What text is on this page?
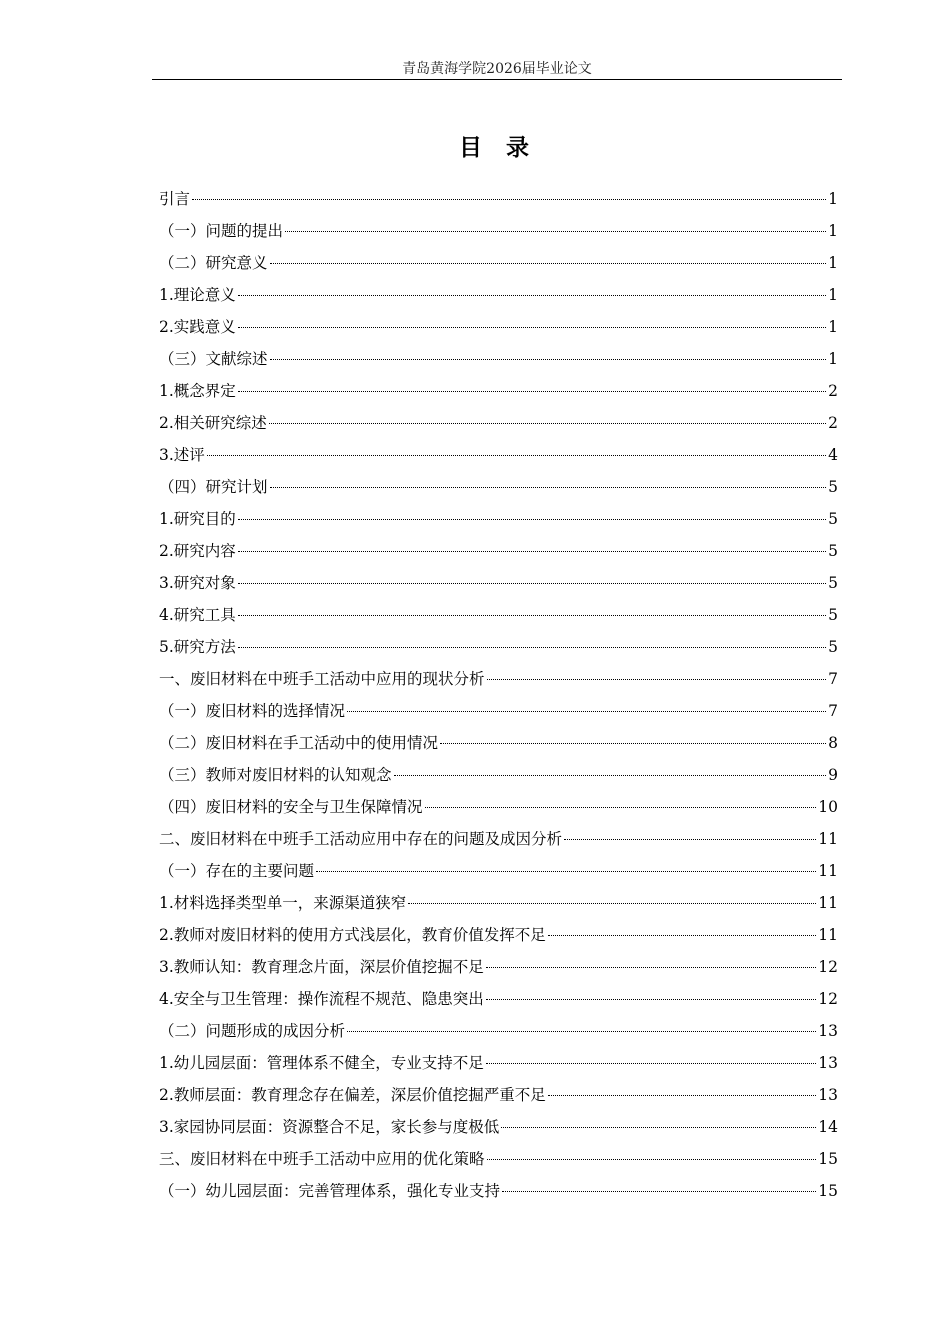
青岛黄海学院2026届毕业论文
目 录
引言	1
（一）问题的提出	1
（二）研究意义	1
1.理论意义	1
2.实践意义	1
（三）文献综述	1
1.概念界定	2
2.相关研究综述	2
3.述评	4
（四）研究计划	5
1.研究目的	5
2.研究内容	5
3.研究对象	5
4.研究工具	5
5.研究方法	5
一、废旧材料在中班手工活动中应用的现状分析	7
（一）废旧材料的选择情况	7
（二）废旧材料在手工活动中的使用情况	8
（三）教师对废旧材料的认知观念	9
（四）废旧材料的安全与卫生保障情况	10
二、废旧材料在中班手工活动应用中存在的问题及成因分析	11
（一）存在的主要问题	11
1.材料选择类型单一，来源渠道狭窄	11
2.教师对废旧材料的使用方式浅层化，教育价值发挥不足	11
3.教师认知：教育理念片面，深层价值挖掘不足	12
4.安全与卫生管理：操作流程不规范、隐患突出	12
（二）问题形成的成因分析	13
1.幼儿园层面：管理体系不健全，专业支持不足	13
2.教师层面：教育理念存在偏差，深层价值挖掘严重不足	13
3.家园协同层面：资源整合不足，家长参与度极低	14
三、废旧材料在中班手工活动中应用的优化策略	15
（一）幼儿园层面：完善管理体系，强化专业支持	15
